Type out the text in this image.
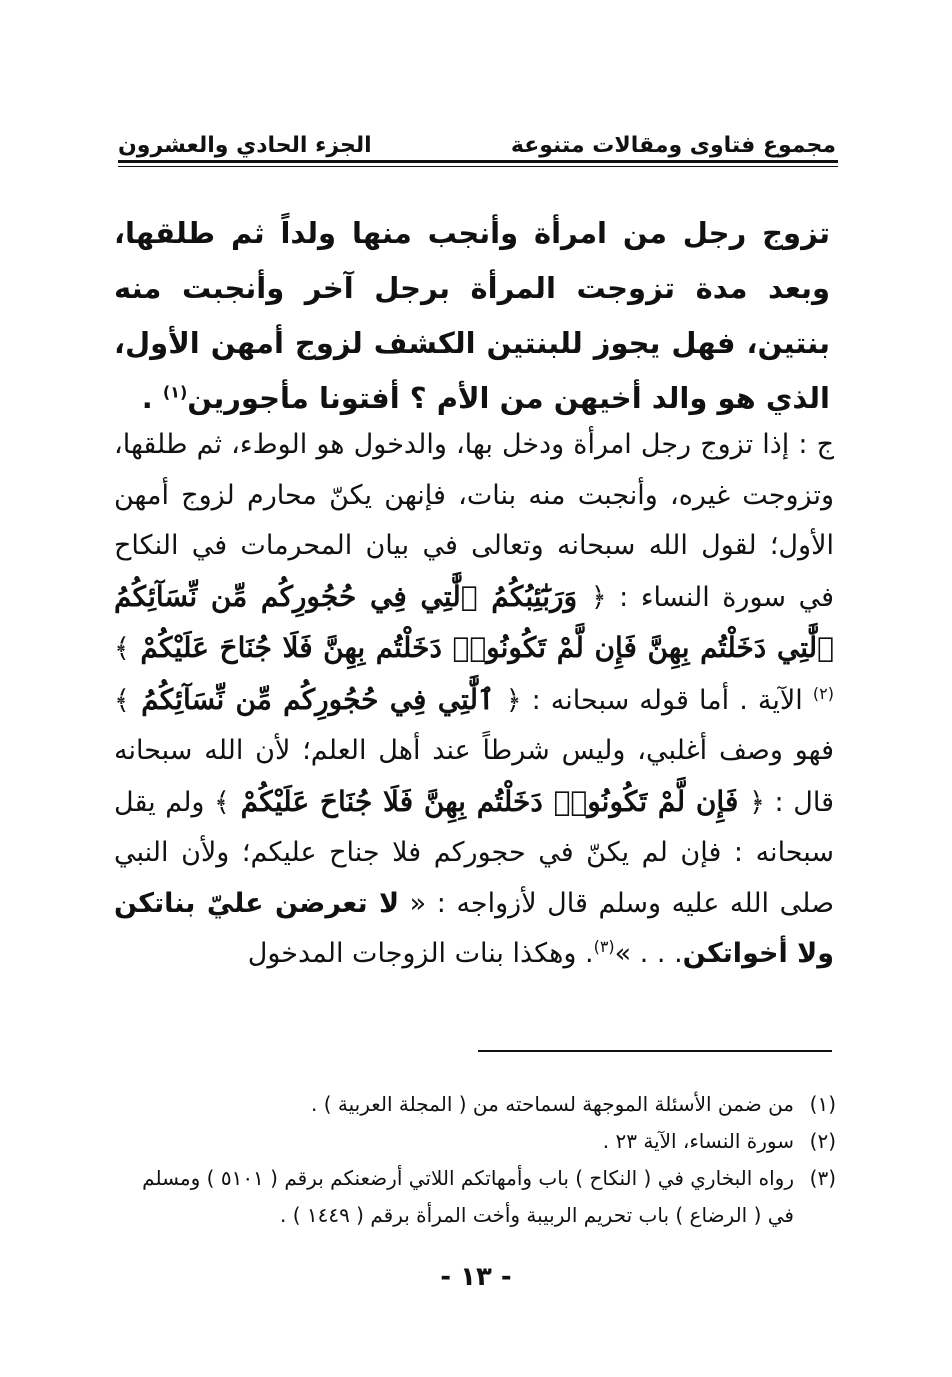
مجموع فتاوى ومقالات متنوعة
الجزء الحادي والعشرون
تزوج رجل من امرأة وأنجب منها ولداً ثم طلقها، وبعد مدة تزوجت المرأة برجل آخر وأنجبت منه بنتين، فهل يجوز للبنتين الكشف لزوج أمهن الأول، الذي هو والد أخيهن من الأم ؟ أفتونا مأجورين$^{(١)}$ .

ج : إذا تزوج رجل امرأة ودخل بها، والدخول هو الوطء، ثم طلقها، وتزوجت غيره، وأنجبت منه بنات، فإنهن يكنّ محارم لزوج أمهن الأول؛ لقول الله سبحانه وتعالى في بيان المحرمات في النكاح في سورة النساء : ﴿ وَرَبَٰٓئِبُكُمُ ٱلَّٰتِي فِي حُجُورِكُم مِّن نِّسَآئِكُمُ ٱلَّٰتِي دَخَلْتُم بِهِنَّ فَإِن لَّمْ تَكُونُوا۟ دَخَلْتُم بِهِنَّ فَلَا جُنَاحَ عَلَيْكُمْ ﴾$^{(٢)}$ الآية . أما قوله سبحانه : ﴿ ٱلَّٰتِي فِي حُجُورِكُم مِّن نِّسَآئِكُمُ ﴾ فهو وصف أغلبي، وليس شرطاً عند أهل العلم؛ لأن الله سبحانه قال : ﴿ فَإِن لَّمْ تَكُونُوا۟ دَخَلْتُم بِهِنَّ فَلَا جُنَاحَ عَلَيْكُمْ ﴾ ولم يقل سبحانه : فإن لم يكنّ في حجوركم فلا جناح عليكم؛ ولأن النبي صلى الله عليه وسلم قال لأزواجه : « لا تعرضن عليّ بناتكن ولا أخواتكن. . . »$^{(٣)}$. وهكذا بنات الزوجات المدخول

(١)
من ضمن الأسئلة الموجهة لسماحته من ( المجلة العربية ) .
(٢)
سورة النساء، الآية ٢٣ .
(٣)
رواه البخاري في ( النكاح ) باب وأمهاتكم اللاتي أرضعنكم برقم ( ٥١٠١ ) ومسلم في ( الرضاع ) باب تحريم الربيبة وأخت المرأة برقم ( ١٤٤٩ ) .
- ١٣ -
